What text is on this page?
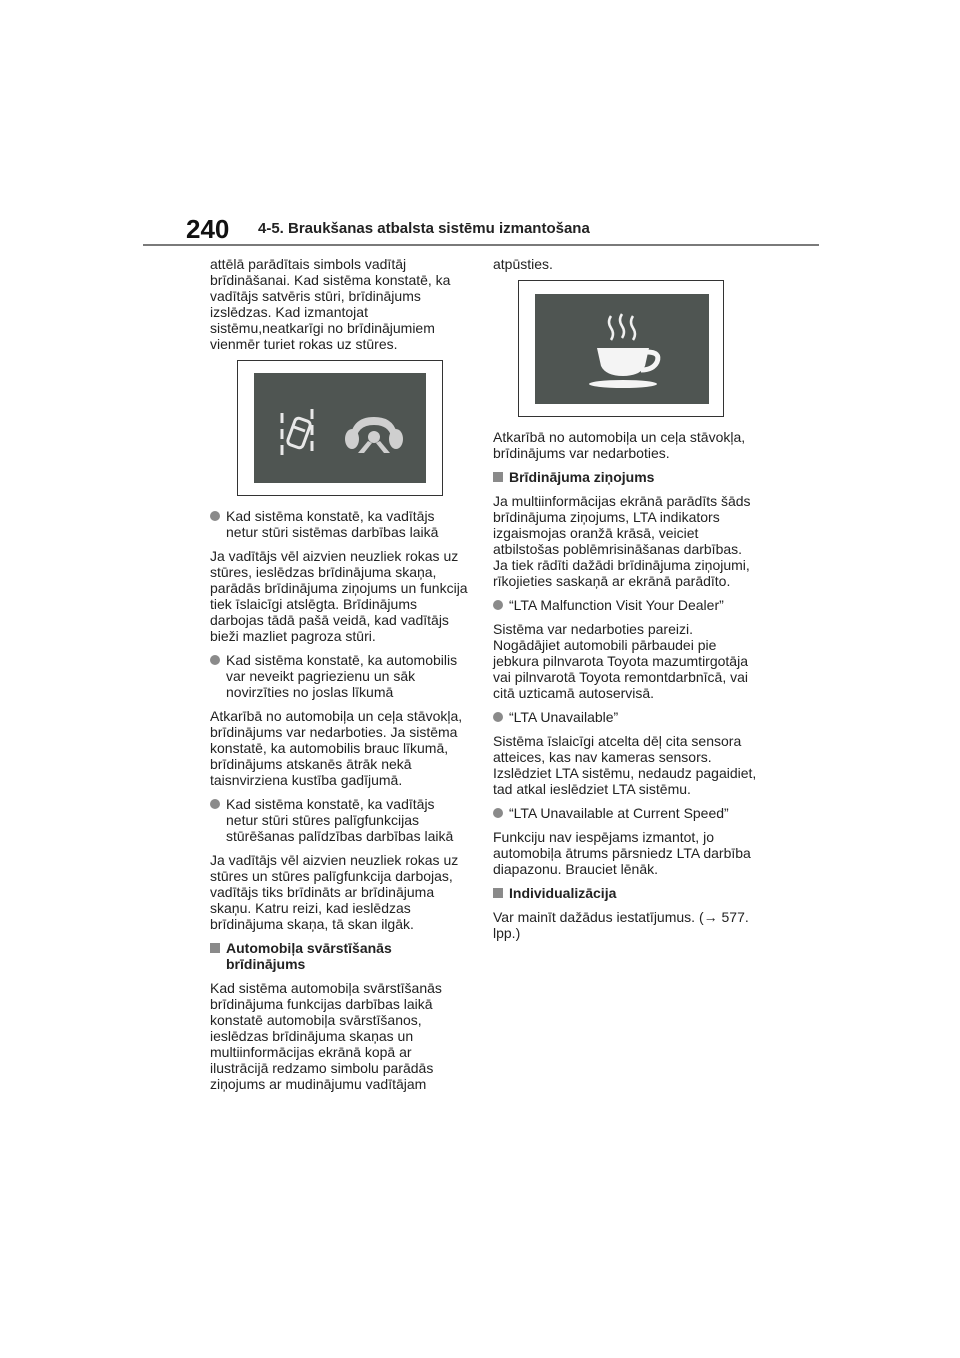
240 4-5. Braukšanas atbalsta sistēmu izmantošana

attēlā parādītais simbols vadītāj brīdināšanai. Kad sistēma konstatē, ka vadītājs satvēris stūri, brīdinājums izslēdzas. Kad izmantojat sistēmu,neatkarīgi no brīdinājumiem vienmēr turiet rokas uz stūres.

Kad sistēma konstatē, ka vadītājs netur stūri sistēmas darbības laikā

Ja vadītājs vēl aizvien neuzliek rokas uz stūres, ieslēdzas brīdinājuma skaņa, parādās brīdinājuma ziņojums un funkcija tiek īslaicīgi atslēgta. Brīdinājums darbojas tādā pašā veidā, kad vadītājs bieži mazliet pagroza stūri.

Kad sistēma konstatē, ka automobilis var neveikt pagriezienu un sāk novirzīties no joslas līkumā

Atkarībā no automobiļa un ceļa stāvokļa, brīdinājums var nedarboties. Ja sistēma konstatē, ka automobilis brauc līkumā, brīdinājums atskanēs ātrāk nekā taisnvirziena kustība gadījumā.

Kad sistēma konstatē, ka vadītājs netur stūri stūres palīgfunkcijas stūrēšanas palīdzības darbības laikā

Ja vadītājs vēl aizvien neuzliek rokas uz stūres un stūres palīgfunkcija darbojas, vadītājs tiks brīdināts ar brīdinājuma skaņu. Katru reizi, kad ieslēdzas brīdinājuma skaņa, tā skan ilgāk.

Automobiļa svārstīšanās brīdinājums

Kad sistēma automobiļa svārstīšanās brīdinājuma funkcijas darbības laikā konstatē automobiļa svārstīšanos, ieslēdzas brīdinājuma skaņas un multiinformācijas ekrānā kopā ar ilustrācijā redzamo simbolu parādās ziņojums ar mudinājumu vadītājam

atpūsties.

Atkarībā no automobiļa un ceļa stāvokļa, brīdinājums var nedarboties.

Brīdinājuma ziņojums

Ja multiinformācijas ekrānā parādīts šāds brīdinājuma ziņojums, LTA indikators izgaismojas oranžā krāsā, veiciet atbilstošas poblēmrisināšanas darbības. Ja tiek rādīti dažādi brīdinājuma ziņojumi, rīkojieties saskaņā ar ekrānā parādīto.

“LTA Malfunction Visit Your Dealer”

Sistēma var nedarboties pareizi. Nogādājiet automobili pārbaudei pie jebkura pilnvarota Toyota mazumtirgotāja vai pilnvarotā Toyota remontdarbnīcā, vai citā uzticamā autoservisā.

“LTA Unavailable”

Sistēma īslaicīgi atcelta dēļ cita sensora atteices, kas nav kameras sensors. Izslēdziet LTA sistēmu, nedaudz pagaidiet, tad atkal ieslēdziet LTA sistēmu.

“LTA Unavailable at Current Speed”

Funkciju nav iespējams izmantot, jo automobiļa ātrums pārsniedz LTA darbība diapazonu. Brauciet lēnāk.

Individualizācija

Var mainīt dažādus iestatījumus. (→ 577. lpp.)
